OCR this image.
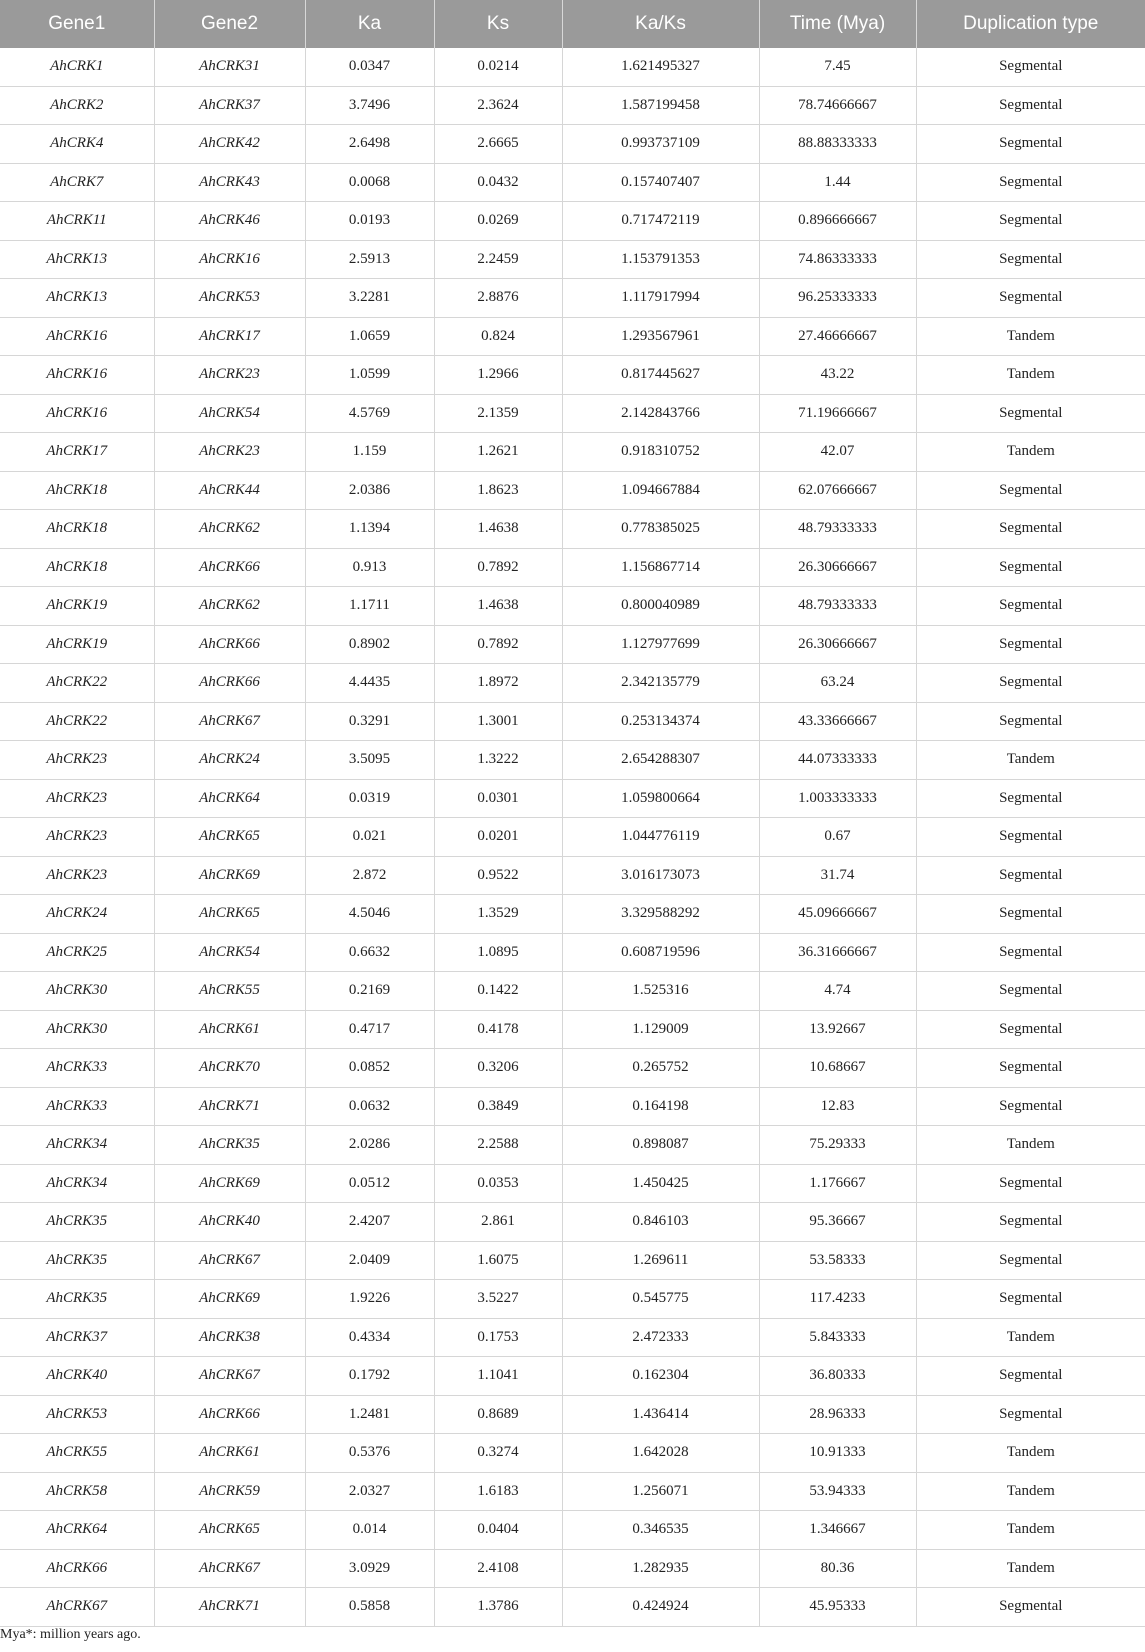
Gene1	Gene2	Ka	Ks	Ka/Ks	Time (Mya)	Duplication type
AhCRK1	AhCRK31	0.0347	0.0214	1.621495327	7.45	Segmental
AhCRK2	AhCRK37	3.7496	2.3624	1.587199458	78.74666667	Segmental
AhCRK4	AhCRK42	2.6498	2.6665	0.993737109	88.88333333	Segmental
AhCRK7	AhCRK43	0.0068	0.0432	0.157407407	1.44	Segmental
AhCRK11	AhCRK46	0.0193	0.0269	0.717472119	0.896666667	Segmental
AhCRK13	AhCRK16	2.5913	2.2459	1.153791353	74.86333333	Segmental
AhCRK13	AhCRK53	3.2281	2.8876	1.117917994	96.25333333	Segmental
AhCRK16	AhCRK17	1.0659	0.824	1.293567961	27.46666667	Tandem
AhCRK16	AhCRK23	1.0599	1.2966	0.817445627	43.22	Tandem
AhCRK16	AhCRK54	4.5769	2.1359	2.142843766	71.19666667	Segmental
AhCRK17	AhCRK23	1.159	1.2621	0.918310752	42.07	Tandem
AhCRK18	AhCRK44	2.0386	1.8623	1.094667884	62.07666667	Segmental
AhCRK18	AhCRK62	1.1394	1.4638	0.778385025	48.79333333	Segmental
AhCRK18	AhCRK66	0.913	0.7892	1.156867714	26.30666667	Segmental
AhCRK19	AhCRK62	1.1711	1.4638	0.800040989	48.79333333	Segmental
AhCRK19	AhCRK66	0.8902	0.7892	1.127977699	26.30666667	Segmental
AhCRK22	AhCRK66	4.4435	1.8972	2.342135779	63.24	Segmental
AhCRK22	AhCRK67	0.3291	1.3001	0.253134374	43.33666667	Segmental
AhCRK23	AhCRK24	3.5095	1.3222	2.654288307	44.07333333	Tandem
AhCRK23	AhCRK64	0.0319	0.0301	1.059800664	1.003333333	Segmental
AhCRK23	AhCRK65	0.021	0.0201	1.044776119	0.67	Segmental
AhCRK23	AhCRK69	2.872	0.9522	3.016173073	31.74	Segmental
AhCRK24	AhCRK65	4.5046	1.3529	3.329588292	45.09666667	Segmental
AhCRK25	AhCRK54	0.6632	1.0895	0.608719596	36.31666667	Segmental
AhCRK30	AhCRK55	0.2169	0.1422	1.525316	4.74	Segmental
AhCRK30	AhCRK61	0.4717	0.4178	1.129009	13.92667	Segmental
AhCRK33	AhCRK70	0.0852	0.3206	0.265752	10.68667	Segmental
AhCRK33	AhCRK71	0.0632	0.3849	0.164198	12.83	Segmental
AhCRK34	AhCRK35	2.0286	2.2588	0.898087	75.29333	Tandem
AhCRK34	AhCRK69	0.0512	0.0353	1.450425	1.176667	Segmental
AhCRK35	AhCRK40	2.4207	2.861	0.846103	95.36667	Segmental
AhCRK35	AhCRK67	2.0409	1.6075	1.269611	53.58333	Segmental
AhCRK35	AhCRK69	1.9226	3.5227	0.545775	117.4233	Segmental
AhCRK37	AhCRK38	0.4334	0.1753	2.472333	5.843333	Tandem
AhCRK40	AhCRK67	0.1792	1.1041	0.162304	36.80333	Segmental
AhCRK53	AhCRK66	1.2481	0.8689	1.436414	28.96333	Segmental
AhCRK55	AhCRK61	0.5376	0.3274	1.642028	10.91333	Tandem
AhCRK58	AhCRK59	2.0327	1.6183	1.256071	53.94333	Tandem
AhCRK64	AhCRK65	0.014	0.0404	0.346535	1.346667	Tandem
AhCRK66	AhCRK67	3.0929	2.4108	1.282935	80.36	Tandem
AhCRK67	AhCRK71	0.5858	1.3786	0.424924	45.95333	Segmental

Mya*: million years ago.
